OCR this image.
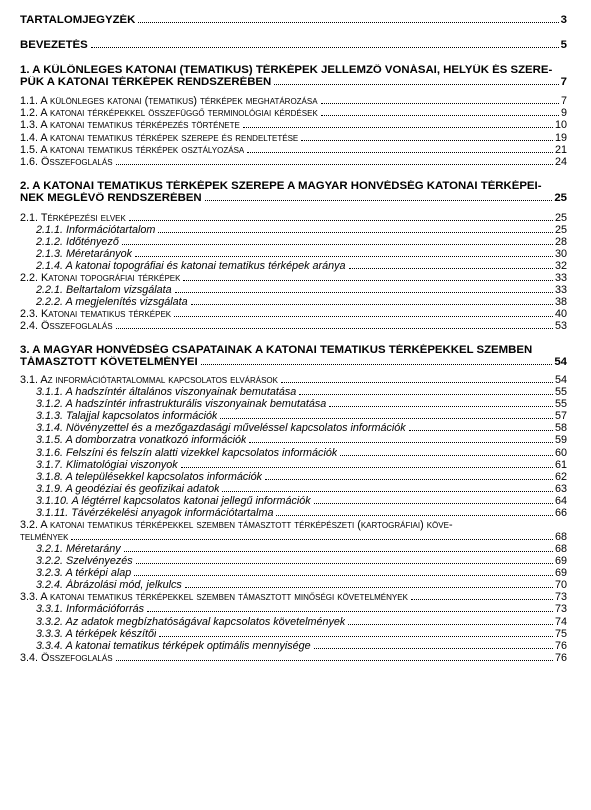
TARTALOMJEGYZÉK	3
BEVEZETÉS	5
1. A KÜLÖNLEGES KATONAI (TEMATIKUS) TÉRKÉPEK JELLEMZŐ VONÁSAI, HELYÜK ÉS SZERE-
PÜK A KATONAI TÉRKÉPEK RENDSZERÉBEN	7
1.1. A különleges katonai (tematikus) térképek meghatározása	7
1.2. A katonai térképekkel összefüggő terminológiai kérdések	9
1.3. A katonai tematikus térképezés története	10
1.4. A katonai tematikus térképek szerepe és rendeltetése	19
1.5. A katonai tematikus térképek osztályozása	21
1.6. Összefoglalás	24
2. A KATONAI TEMATIKUS TÉRKÉPEK SZEREPE A MAGYAR HONVÉDSÉG KATONAI TÉRKÉPEI-
NEK MEGLÉVŐ RENDSZERÉBEN	25
2.1. Térképezési elvek	25
2.1.1. Információtartalom	25
2.1.2. Időtényező	28
2.1.3. Méretarányok	30
2.1.4. A katonai topográfiai és katonai tematikus térképek aránya	32
2.2. Katonai topográfiai térképek	33
2.2.1. Beltartalom vizsgálata	33
2.2.2. A megjelenítés vizsgálata	38
2.3. Katonai tematikus térképek	40
2.4. Összefoglalás	53
3. A MAGYAR HONVÉDSÉG CSAPATAINAK A KATONAI TEMATIKUS TÉRKÉPEKKEL SZEMBEN
TÁMASZTOTT KÖVETELMÉNYEI	54
3.1. Az információtartalommal kapcsolatos elvárások	54
3.1.1. A hadszíntér általános viszonyainak bemutatása	55
3.1.2. A hadszíntér infrastrukturális viszonyainak bemutatása	55
3.1.3. Talajjal kapcsolatos információk	57
3.1.4. Növényzettel és a mezőgazdasági műveléssel kapcsolatos információk	58
3.1.5. A domborzatra vonatkozó információk	59
3.1.6. Felszíni és felszín alatti vizekkel kapcsolatos információk	60
3.1.7. Klimatológiai viszonyok	61
3.1.8. A településekkel kapcsolatos információk	62
3.1.9. A geodéziai és geofizikai adatok	63
3.1.10. A légtérrel kapcsolatos katonai jellegű információk	64
3.1.11. Távérzékelési anyagok információtartalma	66
3.2. A katonai tematikus térképekkel szemben támasztott térképészeti (kartográfiai) köve-
telmények	68
3.2.1. Méretarány	68
3.2.2. Szelvényezés	69
3.2.3. A térképi alap	69
3.2.4. Ábrázolási mód, jelkulcs	70
3.3. A katonai tematikus térképekkel szemben támasztott minőségi követelmények	73
3.3.1. Információforrás	73
3.3.2. Az adatok megbízhatóságával kapcsolatos követelmények	74
3.3.3. A térképek készítői	75
3.3.4. A katonai tematikus térképek optimális mennyisége	76
3.4. Összefoglalás	76
